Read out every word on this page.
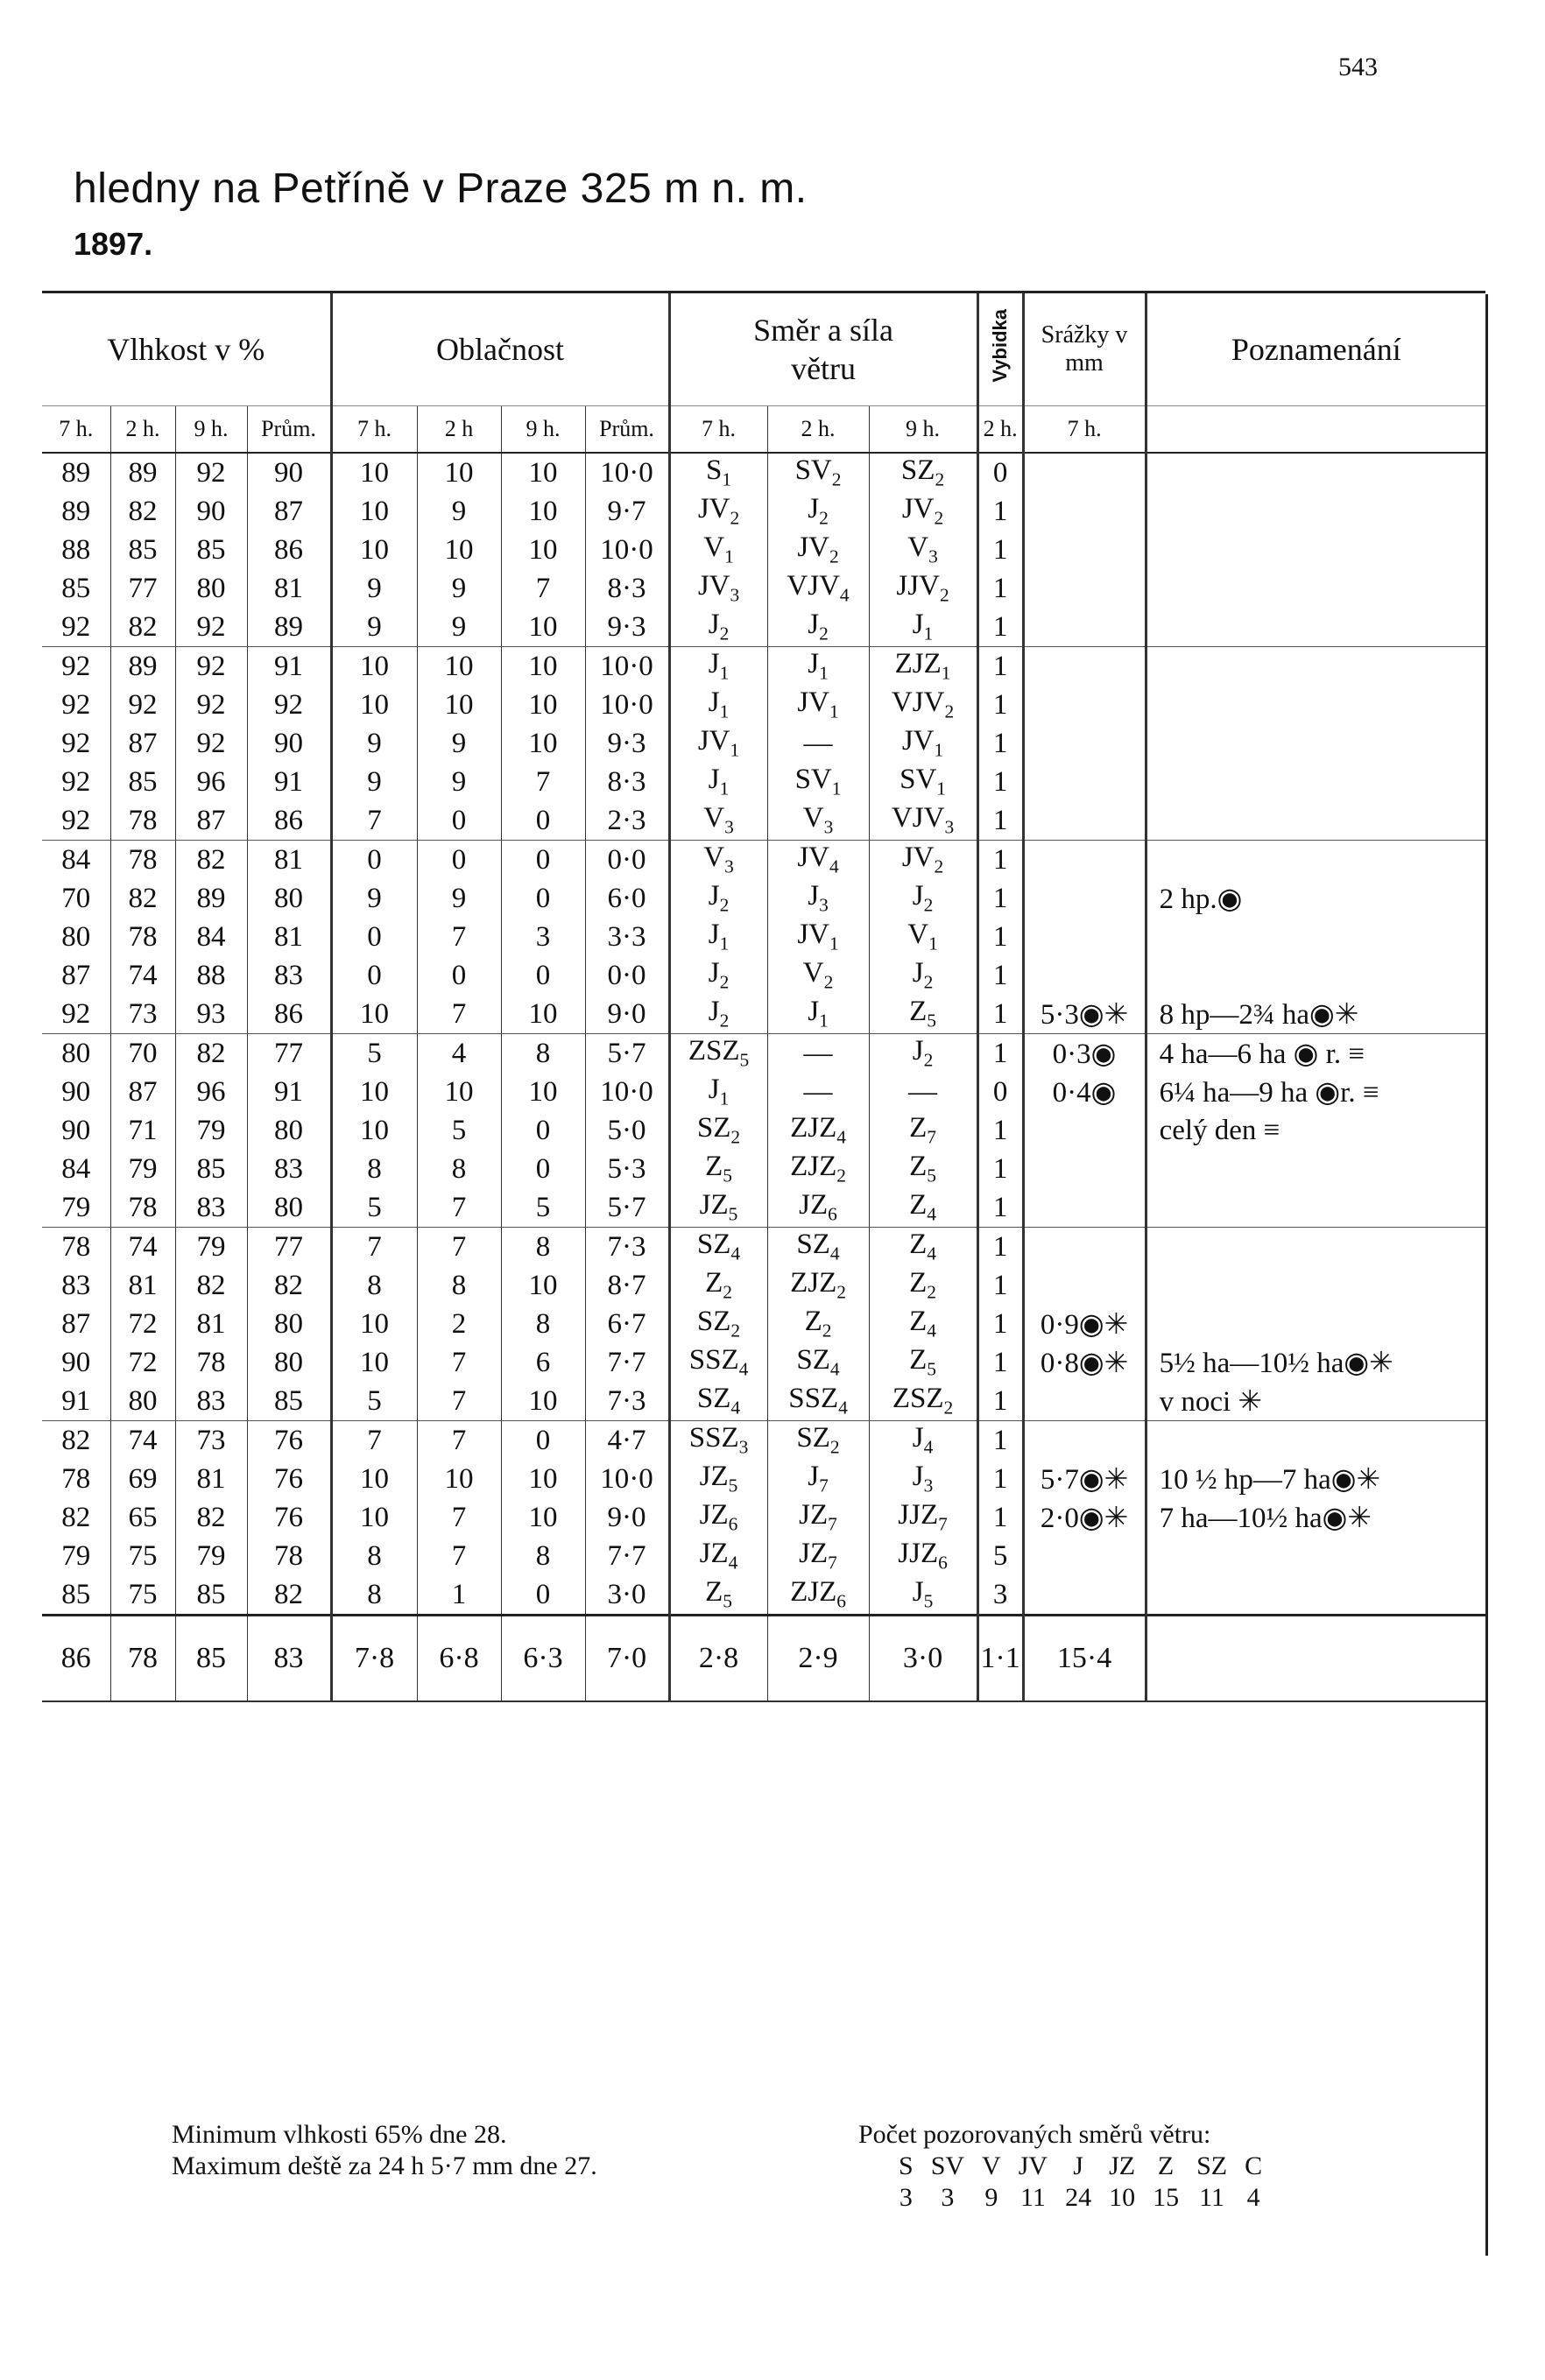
543
hledny na Petříně v Praze 325 m n. m.
1897.
Vlhkost v %				Oblačnost				Směr a síla větru			Vybidka	Srážky v mm	Poznamenání
7 h.	2 h.	9 h.	Prům.	7 h.	2 h	9 h.	Prům.	7 h.	2 h.	9 h.	2 h.	7 h.	
89	89	92	90	10	10	10	10·0	$S_1$	$SV_2$	$SZ_2$	0		
89	82	90	87	10	9	10	9·7	$JV_2$	$J_2$	$JV_2$	1		
88	85	85	86	10	10	10	10·0	$V_1$	$JV_2$	$V_3$	1		
85	77	80	81	9	9	7	8·3	$JV_3$	$VJV_4$	$JJV_2$	1		
92	82	92	89	9	9	10	9·3	$J_2$	$J_2$	$J_1$	1		
92	89	92	91	10	10	10	10·0	$J_1$	$J_1$	$ZJZ_1$	1		
92	92	92	92	10	10	10	10·0	$J_1$	$JV_1$	$VJV_2$	1		
92	87	92	90	9	9	10	9·3	$JV_1$	—	$JV_1$	1		
92	85	96	91	9	9	7	8·3	$J_1$	$SV_1$	$SV_1$	1		
92	78	87	86	7	0	0	2·3	$V_3$	$V_3$	$VJV_3$	1		
84	78	82	81	0	0	0	0·0	$V_3$	$JV_4$	$JV_2$	1		
70	82	89	80	9	9	0	6·0	$J_2$	$J_3$	$J_2$	1		2 hp.◉
80	78	84	81	0	7	3	3·3	$J_1$	$JV_1$	$V_1$	1		
87	74	88	83	0	0	0	0·0	$J_2$	$V_2$	$J_2$	1		
92	73	93	86	10	7	10	9·0	$J_2$	$J_1$	$Z_5$	1	5·3◉✳	8 hp—2¾ ha◉✳
80	70	82	77	5	4	8	5·7	$ZSZ_5$	—	$J_2$	1	0·3◉	4 ha—6 ha ◉ r. ≡
90	87	96	91	10	10	10	10·0	$J_1$	—	—	0	0·4◉	6¼ ha—9 ha ◉r. ≡
90	71	79	80	10	5	0	5·0	$SZ_2$	$ZJZ_4$	$Z_7$	1		celý den ≡
84	79	85	83	8	8	0	5·3	$Z_5$	$ZJZ_2$	$Z_5$	1		
79	78	83	80	5	7	5	5·7	$JZ_5$	$JZ_6$	$Z_4$	1		
78	74	79	77	7	7	8	7·3	$SZ_4$	$SZ_4$	$Z_4$	1		
83	81	82	82	8	8	10	8·7	$Z_2$	$ZJZ_2$	$Z_2$	1		
87	72	81	80	10	2	8	6·7	$SZ_2$	$Z_2$	$Z_4$	1	0·9◉✳	
90	72	78	80	10	7	6	7·7	$SSZ_4$	$SZ_4$	$Z_5$	1	0·8◉✳	5½ ha—10½ ha◉✳
91	80	83	85	5	7	10	7·3	$SZ_4$	$SSZ_4$	$ZSZ_2$	1		v noci ✳
82	74	73	76	7	7	0	4·7	$SSZ_3$	$SZ_2$	$J_4$	1		
78	69	81	76	10	10	10	10·0	$JZ_5$	$J_7$	$J_3$	1	5·7◉✳	10 ½ hp—7 ha◉✳
82	65	82	76	10	7	10	9·0	$JZ_6$	$JZ_7$	$JJZ_7$	1	2·0◉✳	7 ha—10½ ha◉✳
79	75	79	78	8	7	8	7·7	$JZ_4$	$JZ_7$	$JJZ_6$	5		
85	75	85	82	8	1	0	3·0	$Z_5$	$ZJZ_6$	$J_5$	3		
86	78	85	83	7·8	6·8	6·3	7·0	2·8	2·9	3·0	1·1	15·4	
Minimum vlhkosti 65% dne 28.
Maximum deště za 24 h 5·7 mm dne 27.
Počet pozorovaných směrů větru:
S	SV	V	JV	J	JZ	Z	SZ	C
3	3	9	11	24	10	15	11	4
